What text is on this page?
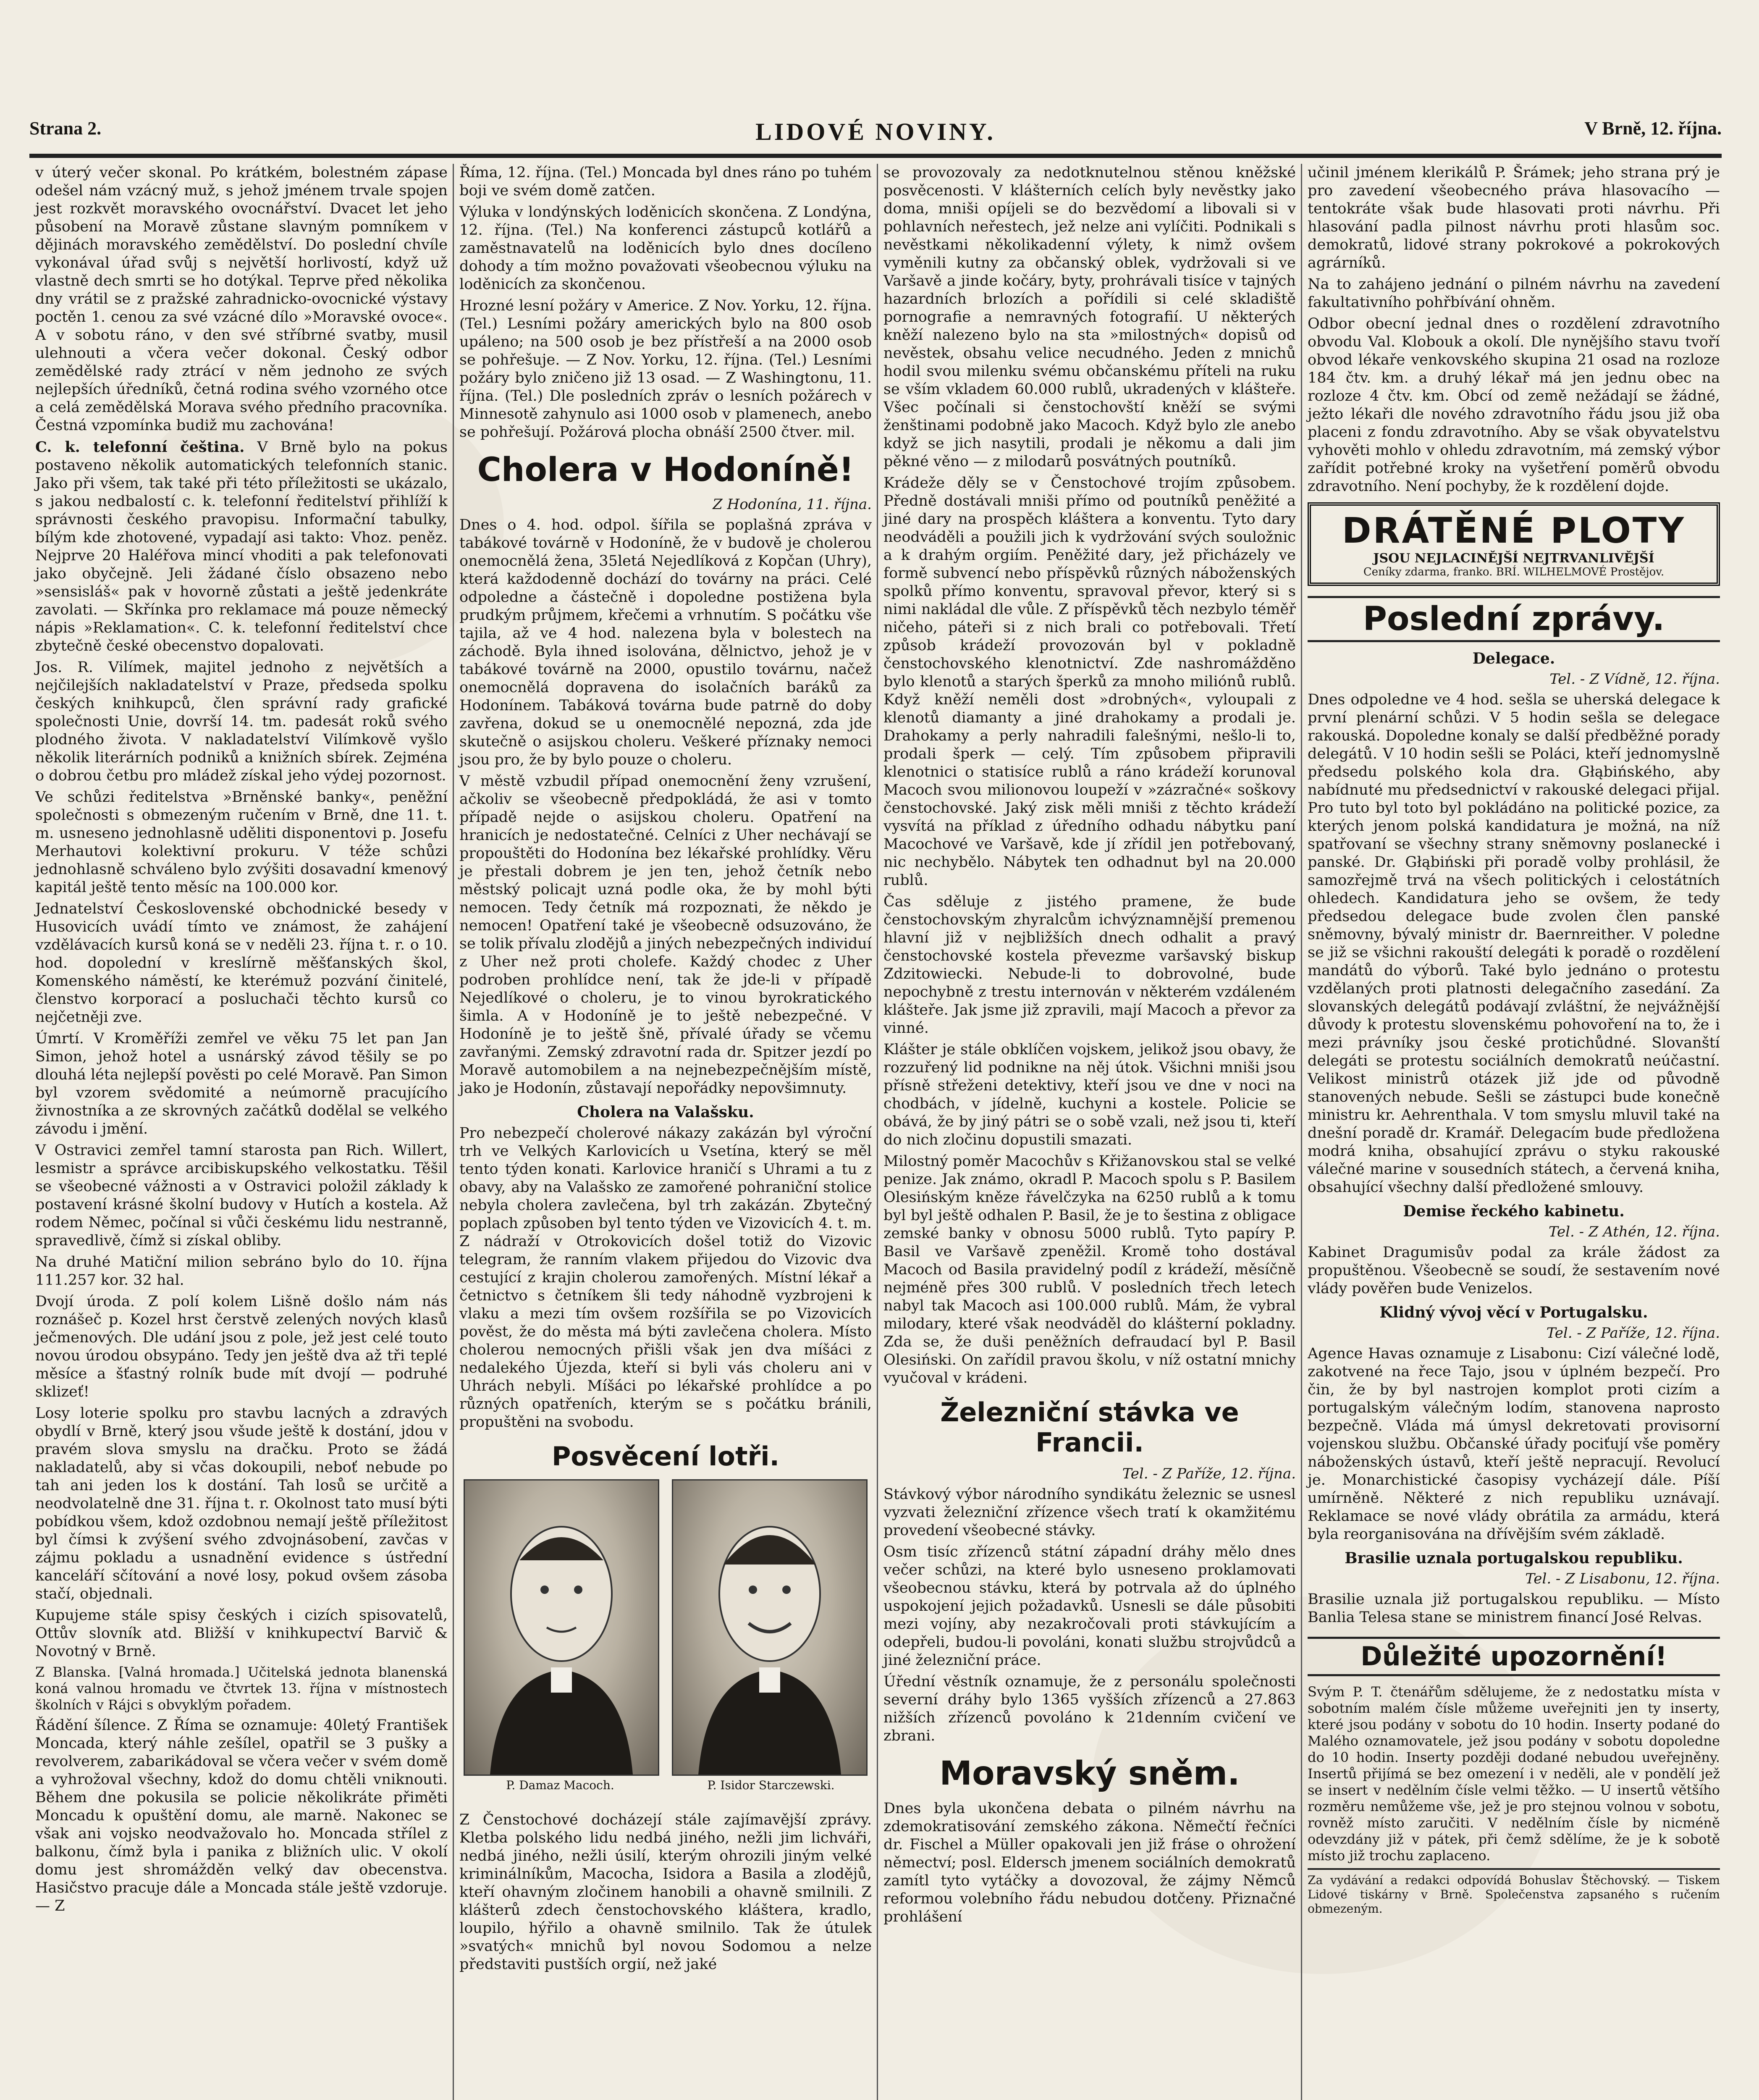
Strana 2.	LIDOVÉ NOVINY.	V Brně, 12. října.

v úterý večer skonal. Po krátkém, bolestném zápase odešel nám vzácný muž, s jehož jménem trvale spojen jest rozkvět moravského ovocnářství. Dvacet let jeho působení na Moravě zůstane slavným pomníkem v dějinách moravského zemědělství. Do poslední chvíle vykonával úřad svůj s největší horlivostí, když už vlastně dech smrti se ho dotýkal. Teprve před několika dny vrátil se z pražské zahradnicko-ovocnické výstavy poctěn 1. cenou za své vzácné dílo »Moravské ovoce«. A v sobotu ráno, v den své stříbrné svatby, musil ulehnouti a včera večer dokonal. Český odbor zemědělské rady ztrácí v něm jednoho ze svých nejlepších úředníků, četná rodina svého vzorného otce a celá zemědělská Morava svého předního pracovníka. Čestná vzpomínka budiž mu zachována!

C. k. telefonní čeština. V Brně bylo na pokus postaveno několik automatických telefonních stanic. Jako při všem, tak také při této příležitosti se ukázalo, s jakou nedbalostí c. k. telefonní ředitelství přihlíží k správnosti českého pravopisu. Informační tabulky, bílým kde zhotovené, vypadají asi takto: Vhoz. peněz. Nejprve 20 Haléřova mincí vhoditi a pak telefonovati jako obyčejně. Jeli žádané číslo obsazeno nebo »sensisláš« pak v hovorně zůstati a ještě jedenkráte zavolati. — Skřínka pro reklamace má pouze německý nápis »Reklamation«. C. k. telefonní ředitelství chce zbytečně české obecenstvo dopalovati.

Jos. R. Vilímek, majitel jednoho z největších a nejčilejších nakladatelství v Praze, předseda spolku českých knihkupců, člen správní rady grafické společnosti Unie, dovrší 14. tm. padesát roků svého plodného života. V nakladatelství Vilímkově vyšlo několik literárních podniků a knižních sbírek. Zejména o dobrou četbu pro mládež získal jeho výdej pozornost.

Ve schůzi ředitelstva »Brněnské banky«, peněžní společnosti s obmezeným ručením v Brně, dne 11. t. m. usneseno jednohlasně uděliti disponentovi p. Josefu Merhautovi kolektivní prokuru. V téže schůzi jednohlasně schváleno bylo zvýšiti dosavadní kmenový kapitál ještě tento měsíc na 100.000 kor.

Jednatelství Československé obchodnické besedy v Husovicích uvádí tímto ve známost, že zahájení vzdělávacích kursů koná se v neděli 23. října t. r. o 10. hod. dopolední v kreslírně měšťanských škol, Komenského náměstí, ke kterémuž pozvání činitelé, členstvo korporací a posluchači těchto kursů co nejčetněji zve.

Úmrtí. V Kroměříži zemřel ve věku 75 let pan Jan Simon, jehož hotel a usnárský závod těšily se po dlouhá léta nejlepší pověsti po celé Moravě. Pan Simon byl vzorem svědomité a neúmorně pracujícího živnostníka a ze skrovných začátků dodělal se velkého závodu i jmění.

V Ostravici zemřel tamní starosta pan Rich. Willert, lesmistr a správce arcibiskupského velkostatku. Těšil se všeobecné vážnosti a v Ostravici položil základy k postavení krásné školní budovy v Hutích a kostela. Až rodem Němec, počínal si vůči českému lidu nestranně, spravedlivě, čímž si získal obliby.

Na druhé Matiční milion sebráno bylo do 10. října 111.257 kor. 32 hal.

Dvojí úroda. Z polí kolem Lišně došlo nám nás roznášeč p. Kozel hrst čerstvě zelených nových klasů ječmenových. Dle udání jsou z pole, jež jest celé touto novou úrodou obsypáno. Tedy jen ještě dva až tři teplé měsíce a šťastný rolník bude mít dvojí — podruhé sklizeť!

Losy loterie spolku pro stavbu lacných a zdravých obydlí v Brně, který jsou všude ještě k dostání, jdou v pravém slova smyslu na dračku. Proto se žádá nakladatelů, aby si včas dokoupili, neboť nebude po tah ani jeden los k dostání. Tah losů se určitě a neodvolatelně dne 31. října t. r. Okolnost tato musí býti pobídkou všem, kdož ozdobnou nemají ještě příležitost byl čímsi k zvýšení svého zdvojnásobení, zavčas v zájmu pokladu a usnadnění evidence s ústřední kanceláří sčítování a nové losy, pokud ovšem zásoba stačí, objednali.

Kupujeme stále spisy českých i cizích spisovatelů, Ottův slovník atd. Bližší v knihkupectví Barvič & Novotný v Brně.

Z Blanska. [Valná hromada.] Učitelská jednota blanenská koná valnou hromadu ve čtvrtek 13. října v místnostech školních v Rájci s obvyklým pořadem.

Řádění šílence. Z Říma se oznamuje: 40letý František Moncada, který náhle zešílel, opatřil se 3 pušky a revolverem, zabarikádoval se včera večer v svém domě a vyhrožoval všechny, kdož do domu chtěli vniknouti. Během dne pokusila se policie několikráte přiměti Moncadu k opuštění domu, ale marně. Nakonec se však ani vojsko neodvažovalo ho. Moncada střílel z balkonu, čímž byla i panika z bližních ulic. V okolí domu jest shromážděn velký dav obecenstva. Hasičstvo pracuje dále a Moncada stále ještě vzdoruje. — Z

Říma, 12. října. (Tel.) Moncada byl dnes ráno po tuhém boji ve svém domě zatčen.

Výluka v londýnských loděnicích skončena. Z Londýna, 12. října. (Tel.) Na konferenci zástupců kotlářů a zaměstnavatelů na loděnicích bylo dnes docíleno dohody a tím možno považovati všeobecnou výluku na loděnicích za skončenou.

Hrozné lesní požáry v Americe. Z Nov. Yorku, 12. října. (Tel.) Lesními požáry amerických bylo na 800 osob upáleno; na 500 osob je bez přístřeší a na 2000 osob se pohřešuje. — Z Nov. Yorku, 12. října. (Tel.) Lesními požáry bylo zničeno již 13 osad. — Z Washingtonu, 11. října. (Tel.) Dle posledních zpráv o lesních požárech v Minnesotě zahynulo asi 1000 osob v plamenech, anebo se pohřešují. Požárová plocha obnáší 2500 čtver. mil.

Cholera v Hodoníně!
Z Hodonína, 11. října.

Dnes o 4. hod. odpol. šířila se poplašná zpráva v tabákové továrně v Hodoníně, že v budově je cholerou onemocnělá žena, 35letá Nejedlíková z Kopčan (Uhry), která každodenně dochází do továrny na práci. Celé odpoledne a částečně i dopoledne postižena byla prudkým průjmem, křečemi a vrhnutím. S počátku vše tajila, až ve 4 hod. nalezena byla v bolestech na záchodě. Byla ihned isolována, dělnictvo, jehož je v tabákové továrně na 2000, opustilo továrnu, načež onemocnělá dopravena do isolačních baráků za Hodonínem. Tabáková továrna bude patrně do doby zavřena, dokud se u onemocnělé nepozná, zda jde skutečně o asijskou choleru. Veškeré příznaky nemoci jsou pro, že by bylo pouze o choleru.

V městě vzbudil případ onemocnění ženy vzrušení, ačkoliv se všeobecně předpokládá, že asi v tomto případě nejde o asijskou choleru. Opatření na hranicích je nedostatečné. Celníci z Uher nechávají se propouštěti do Hodonína bez lékařské prohlídky. Věru je přestali dobrem je jen ten, jehož četník nebo městský policajt uzná podle oka, že by mohl býti nemocen. Tedy četník má rozpoznati, že někdo je nemocen! Opatření také je všeobecně odsuzováno, že se tolik přívalu zlodějů a jiných nebezpečných individuí z Uher než proti cholefe. Každý chodec z Uher podroben prohlídce není, tak že jde-li v případě Nejedlíkové o choleru, je to vinou byrokratického šimla. A v Hodoníně je to ještě nebezpečné. V Hodoníně je to ještě šně, přívalé úřady se včemu zavřanými. Zemský zdravotní rada dr. Spitzer jezdí po Moravě automobilem a na nejnebezpečnějším místě, jako je Hodonín, zůstavají nepořádky nepovšimnuty.

Cholera na Valašsku.

Pro nebezpečí cholerové nákazy zakázán byl výroční trh ve Velkých Karlovicích u Vsetína, který se měl tento týden konati. Karlovice hraničí s Uhrami a tu z obavy, aby na Valašsko ze zamořené pohraniční stolice nebyla cholera zavlečena, byl trh zakázán. Zbytečný poplach způsoben byl tento týden ve Vizovicích 4. t. m. Z nádraží v Otrokovicích došel totiž do Vizovic telegram, že ranním vlakem přijedou do Vizovic dva cestující z krajin cholerou zamořených. Místní lékař a četnictvo s četníkem šli tedy náhodně vyzbrojeni k vlaku a mezi tím ovšem rozšířila se po Vizovicích pověst, že do města má býti zavlečena cholera. Místo cholerou nemocných přišli však jen dva míšáci z nedalekého Újezda, kteří si byli vás choleru ani v Uhrách nebyli. Míšáci po lékařské prohlídce a po různých opatřeních, kterým se s počátku bránili, propuštěni na svobodu.

Posvěcení lotři.
P. Damaz Macoch.	P. Isidor Starczewski.

Z Čenstochové docházejí stále zajímavější zprávy. Kletba polského lidu nedbá jiného, nežli jim lichváři, nedbá jiného, nežli úsilí, kterým ohrozili jiným velké kriminálníkům, Macocha, Isidora a Basila a zlodějů, kteří ohavným zločinem hanobili a ohavně smilnili. Z klášterů zdech čenstochovského kláštera, kradlo, loupilo, hýřilo a ohavně smilnilo. Tak že útulek »svatých« mnichů byl novou Sodomou a nelze představiti pustších orgií, než jaké

se provozovaly za nedotknutelnou stěnou kněžské posvěcenosti. V klášterních celích byly nevěstky jako doma, mniši opíjeli se do bezvědomí a libovali si v pohlavních neřestech, jež nelze ani vylíčiti. Podnikali s nevěstkami několikadenní výlety, k nimž ovšem vyměnili kutny za občanský oblek, vydržovali si ve Varšavě a jinde kočáry, byty, prohrávali tisíce v tajných hazardních brlozích a pořídili si celé skladiště pornografie a nemravných fotografií. U některých kněží nalezeno bylo na sta »milostných« dopisů od nevěstek, obsahu velice necudného. Jeden z mnichů hodil svou milenku svému občanskému příteli na ruku se vším vkladem 60.000 rublů, ukradených v klášteře. Všec počínali si čenstochovští kněží se svými ženštinami podobně jako Macoch. Když bylo zle anebo když se jich nasytili, prodali je někomu a dali jim pěkné věno — z milodarů posvátných poutníků.

Krádeže děly se v Čenstochové trojím způsobem. Předně dostávali mniši přímo od poutníků peněžité a jiné dary na prospěch kláštera a konventu. Tyto dary neodváděli a použili jich k vydržování svých souložnic a k drahým orgiím. Peněžité dary, jež přicházely ve formě subvencí nebo příspěvků různých náboženských spolků přímo konventu, spravoval převor, který si s nimi nakládal dle vůle. Z příspěvků těch nezbylo téměř ničeho, páteři si z nich brali co potřebovali. Třetí způsob krádeží provozován byl v pokladně čenstochovského klenotnictví. Zde nashromážděno bylo klenotů a starých šperků za mnoho miliónů rublů. Když kněží neměli dost »drobných«, vyloupali z klenotů diamanty a jiné drahokamy a prodali je. Drahokamy a perly nahradili falešnými, nešlo-li to, prodali šperk — celý. Tím způsobem připravili klenotnici o statisíce rublů a ráno krádeží korunoval Macoch svou milionovou loupeží v »zázračné« soškovy čenstochovské. Jaký zisk měli mniši z těchto krádeží vysvítá na příklad z úředního odhadu nábytku paní Macochové ve Varšavě, kde jí zřídil jen potřebovaný, nic nechybělo. Nábytek ten odhadnut byl na 20.000 rublů.

Čas sděluje z jistého pramene, že bude čenstochovským zhyralcům ichvýznamnější premenou hlavní již v nejbližších dnech odhalit a pravý čenstochovské kostela převezme varšavský biskup Zdzitowiecki. Nebude-li to dobrovolné, bude nepochybně z trestu internován v některém vzdáleném klášteře. Jak jsme již zpravili, mají Macoch a převor za vinné.

Klášter je stále obklíčen vojskem, jelikož jsou obavy, že rozzuřený lid podnikne na něj útok. Všichni mniši jsou přísně střeženi detektivy, kteří jsou ve dne v noci na chodbách, v jídelně, kuchyni a kostele. Policie se obává, že by jiný pátri se o sobě vzali, než jsou ti, kteří do nich zločinu dopustili smazati.

Milostný poměr Macochův s Křižanovskou stal se velké penize. Jak známo, okradl P. Macoch spolu s P. Basilem Olesińským kněze řávelčzyka na 6250 rublů a k tomu byl byl ještě odhalen P. Basil, že je to šestina z obligace zemské banky v obnosu 5000 rublů. Tyto papíry P. Basil ve Varšavě zpeněžil. Kromě toho dostával Macoch od Basila pravidelný podíl z krádeží, měsíčně nejméně přes 300 rublů. V posledních třech letech nabyl tak Macoch asi 100.000 rublů. Mám, že vybral milodary, které však neodváděl do klášterní pokladny. Zda se, že duši peněžních defraudací byl P. Basil Olesiński. On zařídil pravou školu, v níž ostatní mnichy vyučoval v krádeni.

Železniční stávka ve Francii.
Tel. - Z Paříže, 12. října.

Stávkový výbor národního syndikátu železnic se usnesl vyzvati železniční zřízence všech tratí k okamžitému provedení všeobecné stávky.

Osm tisíc zřízenců státní západní dráhy mělo dnes večer schůzi, na které bylo usneseno proklamovati všeobecnou stávku, která by potrvala až do úplného uspokojení jejich požadavků. Usnesli se dále působiti mezi vojíny, aby nezakročovali proti stávkujícím a odepřeli, budou-li povoláni, konati službu strojvůdců a jiné železniční práce.

Úřední věstník oznamuje, že z personálu společnosti severní dráhy bylo 1365 vyšších zřízenců a 27.863 nižších zřízenců povoláno k 21denním cvičení ve zbrani.

Moravský sněm.

Dnes byla ukončena debata o pilném návrhu na zdemokratisování zemského zákona. Němečtí řečníci dr. Fischel a Müller opakovali jen již fráse o ohrožení němectví; posl. Eldersch jmenem sociálních demokratů zamítl tyto vytáčky a dovozoval, že zájmy Němců reformou volebního řádu nebudou dotčeny. Přiznačné prohlášení

učinil jménem klerikálů P. Šrámek; jeho strana prý je pro zavedení všeobecného práva hlasovacího — tentokráte však bude hlasovati proti návrhu. Při hlasování padla pilnost návrhu proti hlasům soc. demokratů, lidové strany pokrokové a pokrokových agrárníků.

Na to zahájeno jednání o pilném návrhu na zavedení fakultativního pohřbívání ohněm.

Odbor obecní jednal dnes o rozdělení zdravotního obvodu Val. Klobouk a okolí. Dle nynějšího stavu tvoří obvod lékaře venkovského skupina 21 osad na rozloze 184 čtv. km. a druhý lékař má jen jednu obec na rozloze 4 čtv. km. Obcí od země nežádají se žádné, ježto lékaři dle nového zdravotního řádu jsou již oba placeni z fondu zdravotního. Aby se však obyvatelstvu vyhověti mohlo v ohledu zdravotním, má zemský výbor zařídit potřebné kroky na vyšetření poměrů obvodu zdravotního. Není pochyby, že k rozdělení dojde.

DRÁTĚNÉ PLOTY
JSOU NEJLACINĚJŠÍ NEJTRVANLIVĚJŠÍ
Ceníky zdarma, franko. BRÍ. WILHELMOVÉ Prostějov.
Poslední zprávy.
Delegace.
Tel. - Z Vídně, 12. října.

Dnes odpoledne ve 4 hod. sešla se uherská delegace k první plenární schůzi. V 5 hodin sešla se delegace rakouská. Dopoledne konaly se další předběžné porady delegátů. V 10 hodin sešli se Poláci, kteří jednomyslně předsedu polského kola dra. Głąbińského, aby nabídnuté mu předsednictví v rakouské delegaci přijal. Pro tuto byl toto byl pokládáno na politické pozice, za kterých jenom polská kandidatura je možná, na níž spatřovaní se všechny strany sněmovny poslanecké i panské. Dr. Głąbiński při poradě volby prohlásil, že samozřejmě trvá na všech politických i celostátních ohledech. Kandidatura jeho se ovšem, že tedy předsedou delegace bude zvolen člen panské sněmovny, bývalý ministr dr. Baernreither. V poledne se již se všichni rakouští delegáti k poradě o rozdělení mandátů do výborů. Také bylo jednáno o protestu vzdělaných proti platnosti delegačního zasedání. Za slovanských delegátů podávají zvláštní, že nejvážnější důvody k protestu slovenskému pohovoření na to, že i mezi právníky jsou české protichůdné. Slovanští delegáti se protestu sociálních demokratů neúčastní. Velikost ministrů otázek již jde od původně stanovených nebude. Sešli se zástupci bude konečně ministru kr. Aehrenthala. V tom smyslu mluvil také na dnešní poradě dr. Kramář. Delegacím bude předložena modrá kniha, obsahující zprávu o styku rakouské válečné marine v sousedních státech, a červená kniha, obsahující všechny další předložené smlouvy.

Demise řeckého kabinetu.
Tel. - Z Athén, 12. října.

Kabinet Dragumisův podal za krále žádost za propuštěnou. Všeobecně se soudí, že sestavením nové vlády pověřen bude Venizelos.

Klidný vývoj věcí v Portugalsku.
Tel. - Z Paříže, 12. října.

Agence Havas oznamuje z Lisabonu: Cizí válečné lodě, zakotvené na řece Tajo, jsou v úplném bezpečí. Pro čin, že by byl nastrojen komplot proti cizím a portugalským válečným lodím, stanovena naprosto bezpečně. Vláda má úmysl dekretovati provisorní vojenskou službu. Občanské úřady pociťují vše poměry náboženských ústavů, kteří ještě nepracují. Revolucí je. Monarchistické časopisy vycházejí dále. Píší umírněně. Některé z nich republiku uznávají. Reklamace se nové vlády obrátila za armádu, která byla reorganisována na dřívějším svém základě.

Brasilie uznala portugalskou republiku.
Tel. - Z Lisabonu, 12. října.

Brasilie uznala již portugalskou republiku. — Místo Banlia Telesa stane se ministrem financí José Relvas.

Důležité upozornění!

Svým P. T. čtenářům sdělujeme, že z nedostatku místa v sobotním malém čísle můžeme uveřejniti jen ty inserty, které jsou podány v sobotu do 10 hodin. Inserty podané do Malého oznamovatele, jež jsou podány v sobotu dopoledne do 10 hodin. Inserty později dodané nebudou uveřejněny. Insertů přijímá se bez omezení i v neděli, ale v pondělí jež se insert v nedělním čísle velmi těžko. — U insertů většího rozměru nemůžeme vše, jež je pro stejnou volnou v sobotu, rovněž místo zaručiti. V nedělním čísle by nicméně odevzdány již v pátek, při čemž sdělíme, že je k sobotě místo již trochu zaplaceno.

Za vydávání a redakci odpovídá Bohuslav Štěchovský. — Tiskem Lidové tiskárny v Brně. Společenstva zapsaného s ručením obmezeným.
